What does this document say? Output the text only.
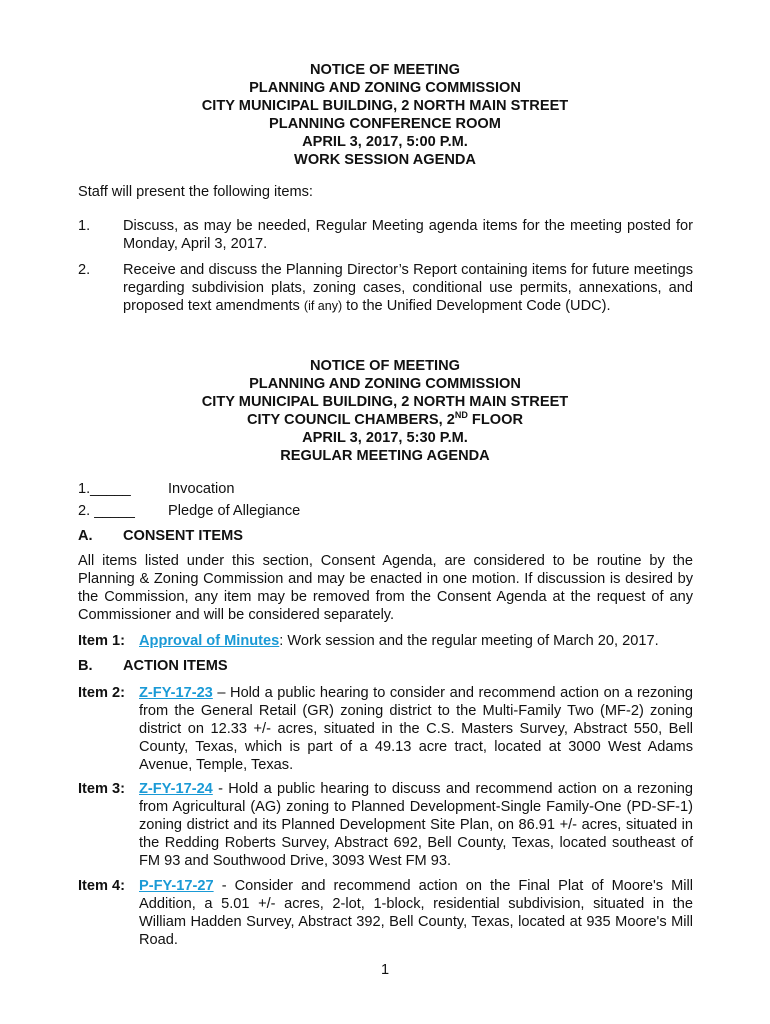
NOTICE OF MEETING
PLANNING AND ZONING COMMISSION
CITY MUNICIPAL BUILDING, 2 NORTH MAIN STREET
PLANNING CONFERENCE ROOM
APRIL 3, 2017, 5:00 P.M.
WORK SESSION AGENDA
Staff will present the following items:
1. Discuss, as may be needed, Regular Meeting agenda items for the meeting posted for Monday, April 3, 2017.
2. Receive and discuss the Planning Director’s Report containing items for future meetings regarding subdivision plats, zoning cases, conditional use permits, annexations, and proposed text amendments (if any) to the Unified Development Code (UDC).
NOTICE OF MEETING
PLANNING AND ZONING COMMISSION
CITY MUNICIPAL BUILDING, 2 NORTH MAIN STREET
CITY COUNCIL CHAMBERS, 2ND FLOOR
APRIL 3, 2017, 5:30 P.M.
REGULAR MEETING AGENDA
1._____	Invocation
2. _____ Pledge of Allegiance
A. CONSENT ITEMS
All items listed under this section, Consent Agenda, are considered to be routine by the Planning & Zoning Commission and may be enacted in one motion. If discussion is desired by the Commission, any item may be removed from the Consent Agenda at the request of any Commissioner and will be considered separately.
Item 1: Approval of Minutes: Work session and the regular meeting of March 20, 2017.
B. ACTION ITEMS
Item 2: Z-FY-17-23 – Hold a public hearing to consider and recommend action on a rezoning from the General Retail (GR) zoning district to the Multi-Family Two (MF-2) zoning district on 12.33 +/- acres, situated in the C.S. Masters Survey, Abstract 550, Bell County, Texas, which is part of a 49.13 acre tract, located at 3000 West Adams Avenue, Temple, Texas.
Item 3: Z-FY-17-24 - Hold a public hearing to discuss and recommend action on a rezoning from Agricultural (AG) zoning to Planned Development-Single Family-One (PD-SF-1) zoning district and its Planned Development Site Plan, on 86.91 +/- acres, situated in the Redding Roberts Survey, Abstract 692, Bell County, Texas, located southeast of FM 93 and Southwood Drive, 3093 West FM 93.
Item 4: P-FY-17-27 - Consider and recommend action on the Final Plat of Moore's Mill Addition, a 5.01 +/- acres, 2-lot, 1-block, residential subdivision, situated in the William Hadden Survey, Abstract 392, Bell County, Texas, located at 935 Moore's Mill Road.
1
